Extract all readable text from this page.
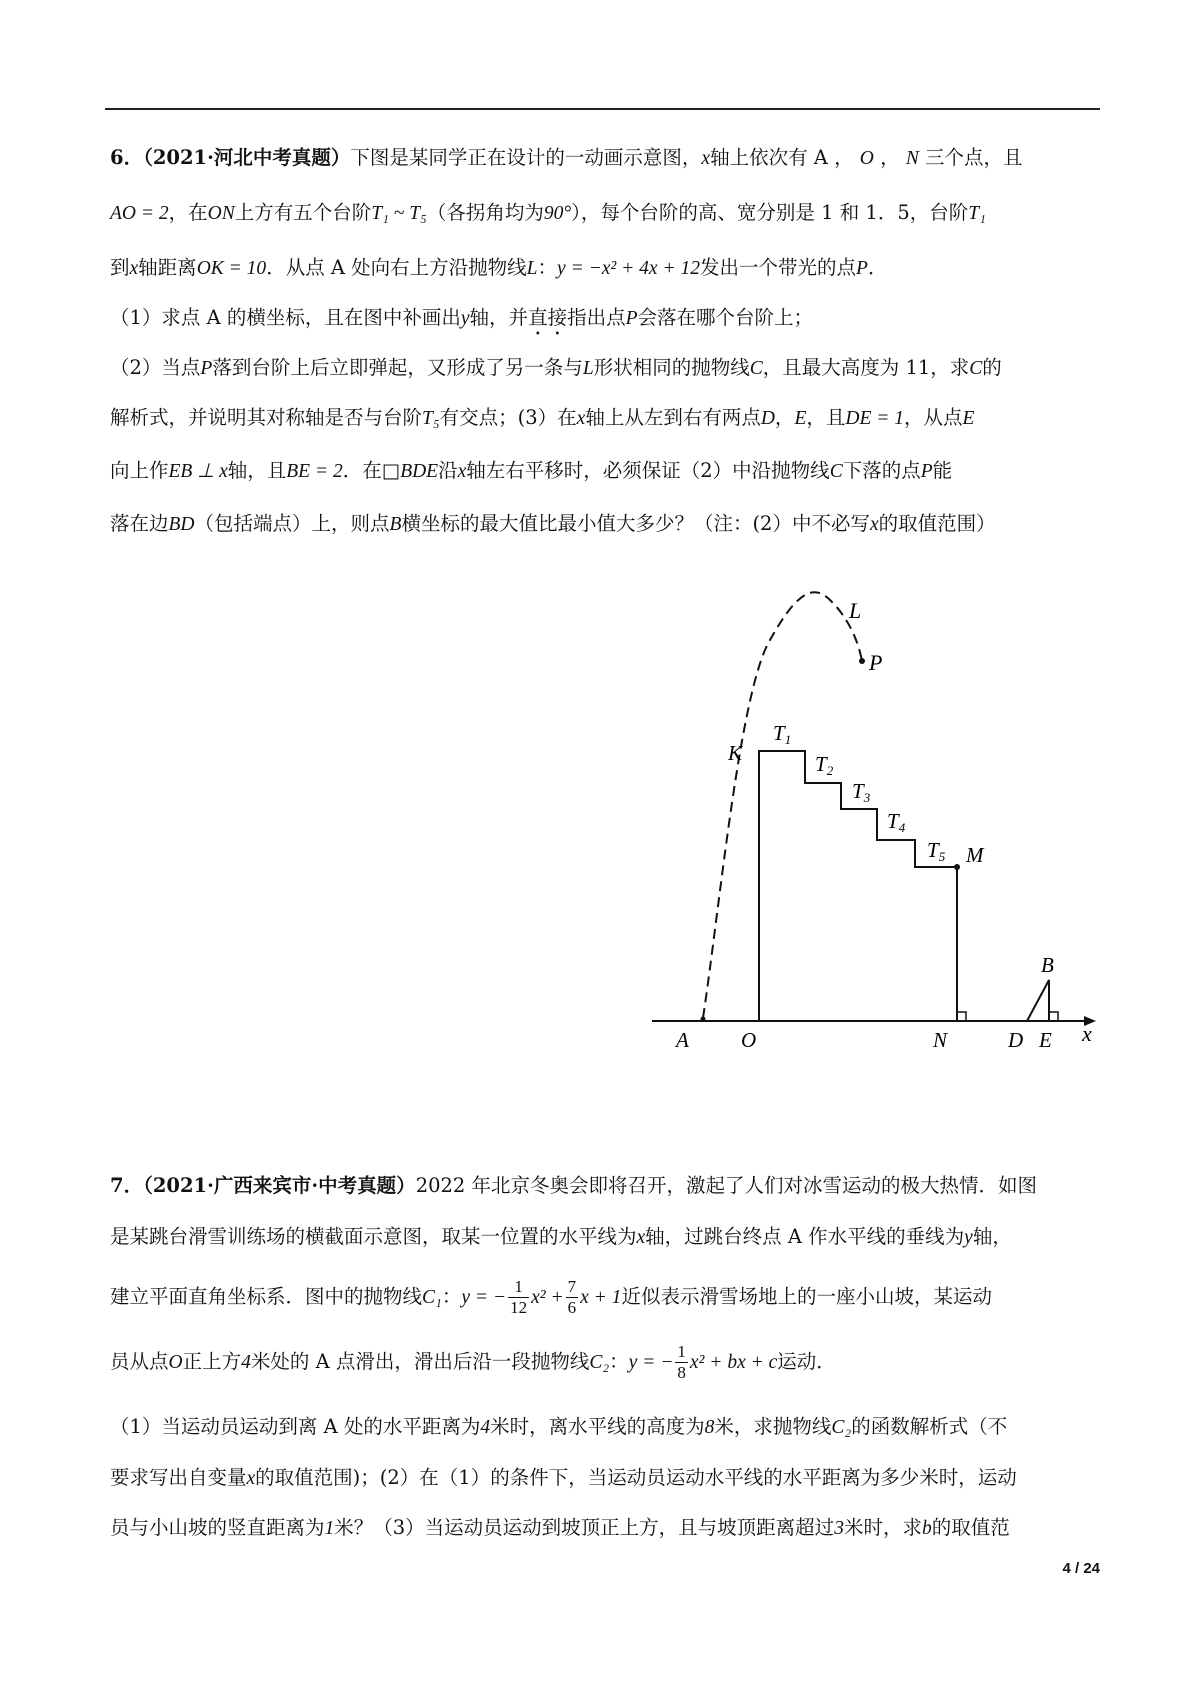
6．（2021·河北中考真题）下图是某同学正在设计的一动画示意图，x轴上依次有 A ， O ， N 三个点，且
AO = 2，在ON上方有五个台阶T₁ ~ T₅（各拐角均为90°），每个台阶的高、宽分别是 1 和 1．5，台阶T₁
到x轴距离OK = 10．从点 A 处向右上方沿抛物线L：y = −x² + 4x + 12发出一个带光的点P．
（1）求点 A 的横坐标，且在图中补画出y轴，并直接指出点P会落在哪个台阶上；
（2）当点P落到台阶上后立即弹起，又形成了另一条与L形状相同的抛物线C，且最大高度为 11，求C的
解析式，并说明其对称轴是否与台阶T₅有交点；(3）在x轴上从左到右有两点D，E，且DE = 1，从点E
向上作EB ⊥ x轴，且BE = 2．在□BDE沿x轴左右平移时，必须保证（2）中沿抛物线C下落的点P能
落在边BD（包括端点）上，则点B横坐标的最大值比最小值大多少？（注：(2）中不必写x的取值范围）
L
P
K
T1
T2
T3
T4
T5 M
B
A O	N	D E x
7．（2021·广西来宾市·中考真题）2022 年北京冬奥会即将召开，激起了人们对冰雪运动的极大热情．如图
是某跳台滑雪训练场的横截面示意图，取某一位置的水平线为x轴，过跳台终点 A 作水平线的垂线为y轴，
建立平面直角坐标系．图中的抛物线C₁：y = − $\frac{1}{12} x^2 + \frac{7}{6}$ x + 1近似表示滑雪场地上的一座小山坡，某运动
员从点O正上方4米处的 A 点滑出，滑出后沿一段抛物线C₂：y = − $\frac{1}{8} x^2$ + bx + c运动．
（1）当运动员运动到离 A 处的水平距离为4米时，离水平线的高度为8米，求抛物线C₂的函数解析式（不
要求写出自变量x的取值范围)；(2）在（1）的条件下，当运动员运动水平线的水平距离为多少米时，运动
员与小山坡的竖直距离为1米？（3）当运动员运动到坡顶正上方，且与坡顶距离超过3米时，求b的取值范
4 / 24
